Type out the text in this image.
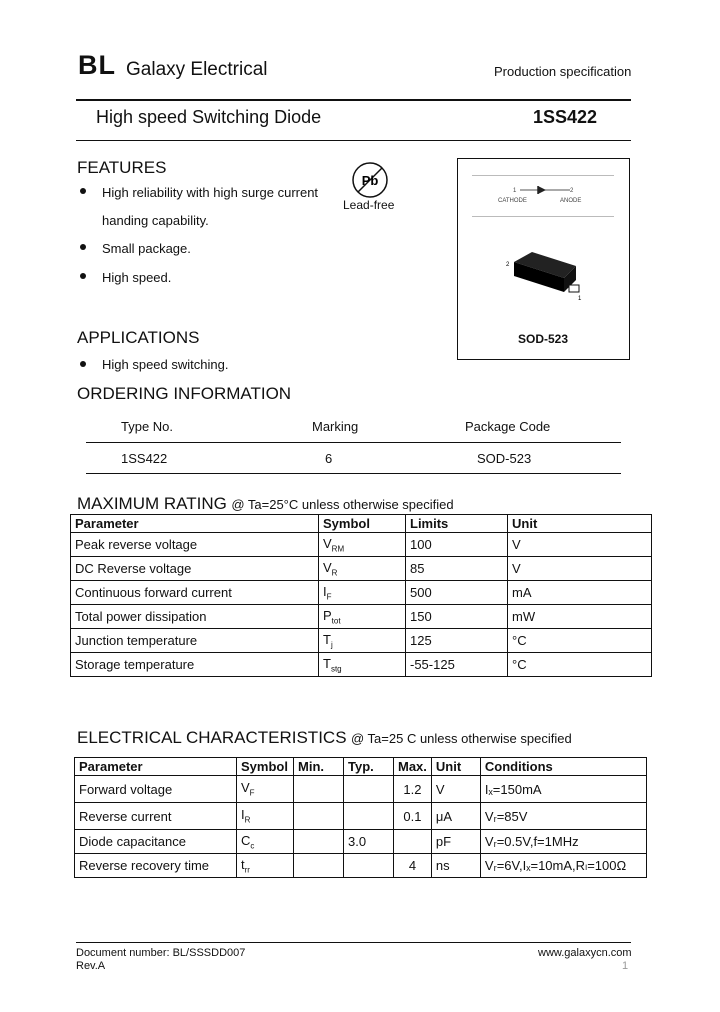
BL Galaxy Electrical	Production specification
High speed Switching Diode	1SS422
FEATURES
High reliability with high surge current
handing capability.
Small package.
High speed.
Pb
Lead-free
1	2
CATHODE	ANODE
2
1
SOD-523
APPLICATIONS
High speed switching.
ORDERING INFORMATION
Type No.	Marking	Package Code
1SS422	6	SOD-523
MAXIMUM RATING @ Ta=25°C unless otherwise specified
Parameter	Symbol	Limits	Unit
Peak reverse voltage	$V_{RM}$	100	V
DC Reverse voltage	$V_R$	85	V
Continuous forward current	$I_F$	500	mA
Total power dissipation	$P_{tot}$	150	mW
Junction temperature	$T_j$	125	°C
Storage temperature	$T_{stg}$	-55-125	°C
ELECTRICAL CHARACTERISTICS @ Ta=25 C unless otherwise specified
Parameter	Symbol	Min.	Typ.	Max.	Unit	Conditions
Forward voltage	$V_F$			1.2	V	Iₓ=150mA
Reverse current	$I_R$			0.1	μA	Vᵣ=85V
Diode capacitance	$C_c$		3.0		pF	Vᵣ=0.5V,f=1MHz
Reverse recovery time	$t_{rr}$			4	ns	Vᵣ=6V,Iₓ=10mA,Rₗ=100Ω
Document number: BL/SSSDD007
Rev.A
www.galaxycn.com
1
